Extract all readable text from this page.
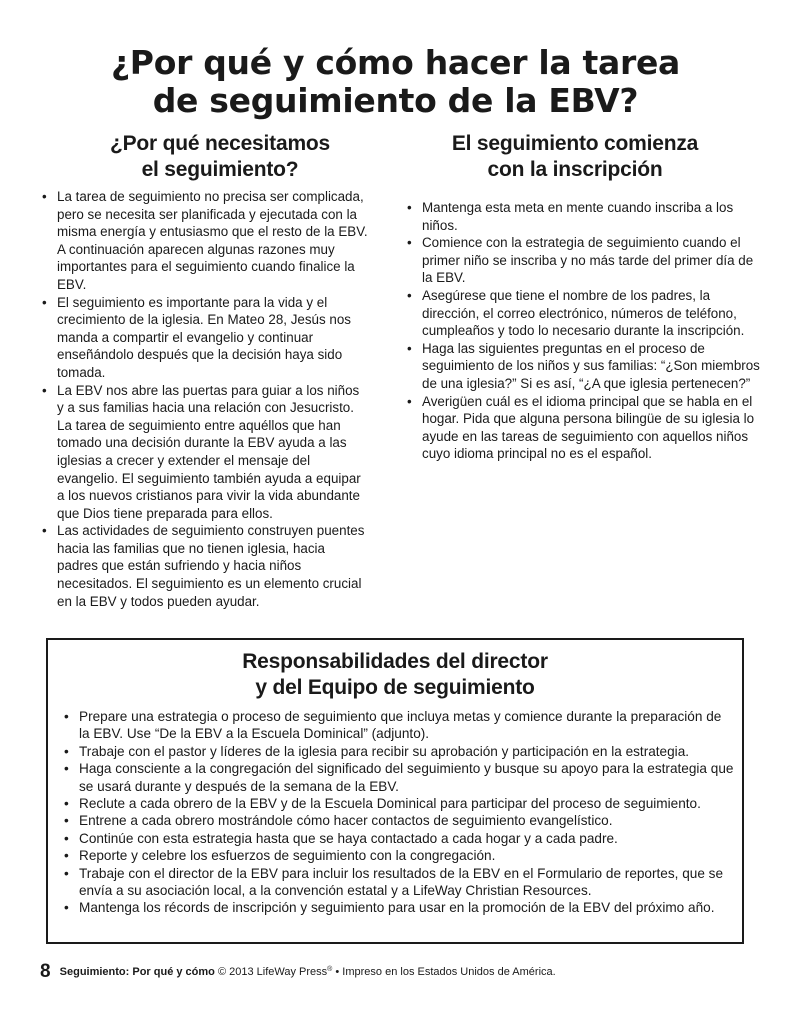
¿Por qué y cómo hacer la tarea
de seguimiento de la EBV?
¿Por qué necesitamos
el seguimiento?
• La tarea de seguimiento no precisa ser complicada, pero se necesita ser planificada y ejecutada con la misma energía y entusiasmo que el resto de la EBV. A continuación aparecen algunas razones muy importantes para el seguimiento cuando finalice la EBV.
• El seguimiento es importante para la vida y el crecimiento de la iglesia. En Mateo 28, Jesús nos manda a compartir el evangelio y continuar enseñándolo después que la decisión haya sido tomada.
• La EBV nos abre las puertas para guiar a los niños y a sus familias hacia una relación con Jesucristo. La tarea de seguimiento entre aquéllos que han tomado una decisión durante la EBV ayuda a las iglesias a crecer y extender el mensaje del evangelio. El seguimiento también ayuda a equipar a los nuevos cristianos para vivir la vida abundante que Dios tiene preparada para ellos.
• Las actividades de seguimiento construyen puentes hacia las familias que no tienen iglesia, hacia padres que están sufriendo y hacia niños necesitados. El seguimiento es un elemento crucial en la EBV y todos pueden ayudar.
El seguimiento comienza
con la inscripción
• Mantenga esta meta en mente cuando inscriba a los niños.
• Comience con la estrategia de seguimiento cuando el primer niño se inscriba y no más tarde del primer día de la EBV.
• Asegúrese que tiene el nombre de los padres, la dirección, el correo electrónico, números de teléfono, cumpleaños y todo lo necesario durante la inscripción.
• Haga las siguientes preguntas en el proceso de seguimiento de los niños y sus familias: “¿Son miembros de una iglesia?” Si es así, “¿A que iglesia pertenecen?”
• Averigüen cuál es el idioma principal que se habla en el hogar. Pida que alguna persona bilingüe de su iglesia lo ayude en las tareas de seguimiento con aquellos niños cuyo idioma principal no es el español.
Responsabilidades del director
y del Equipo de seguimiento
• Prepare una estrategia o proceso de seguimiento que incluya metas y comience durante la preparación de la EBV. Use “De la EBV a la Escuela Dominical” (adjunto).
• Trabaje con el pastor y líderes de la iglesia para recibir su aprobación y participación en la estrategia.
• Haga consciente a la congregación del significado del seguimiento y busque su apoyo para la estrategia que se usará durante y después de la semana de la EBV.
• Reclute a cada obrero de la EBV y de la Escuela Dominical para participar del proceso de seguimiento.
• Entrene a cada obrero mostrándole cómo hacer contactos de seguimiento evangelístico.
• Continúe con esta estrategia hasta que se haya contactado a cada hogar y a cada padre.
• Reporte y celebre los esfuerzos de seguimiento con la congregación.
• Trabaje con el director de la EBV para incluir los resultados de la EBV en el Formulario de reportes, que se envía a su asociación local, a la convención estatal y a LifeWay Christian Resources.
• Mantenga los récords de inscripción y seguimiento para usar en la promoción de la EBV del próximo año.
8 Seguimiento: Por qué y cómo © 2013 LifeWay Press® • Impreso en los Estados Unidos de América.
